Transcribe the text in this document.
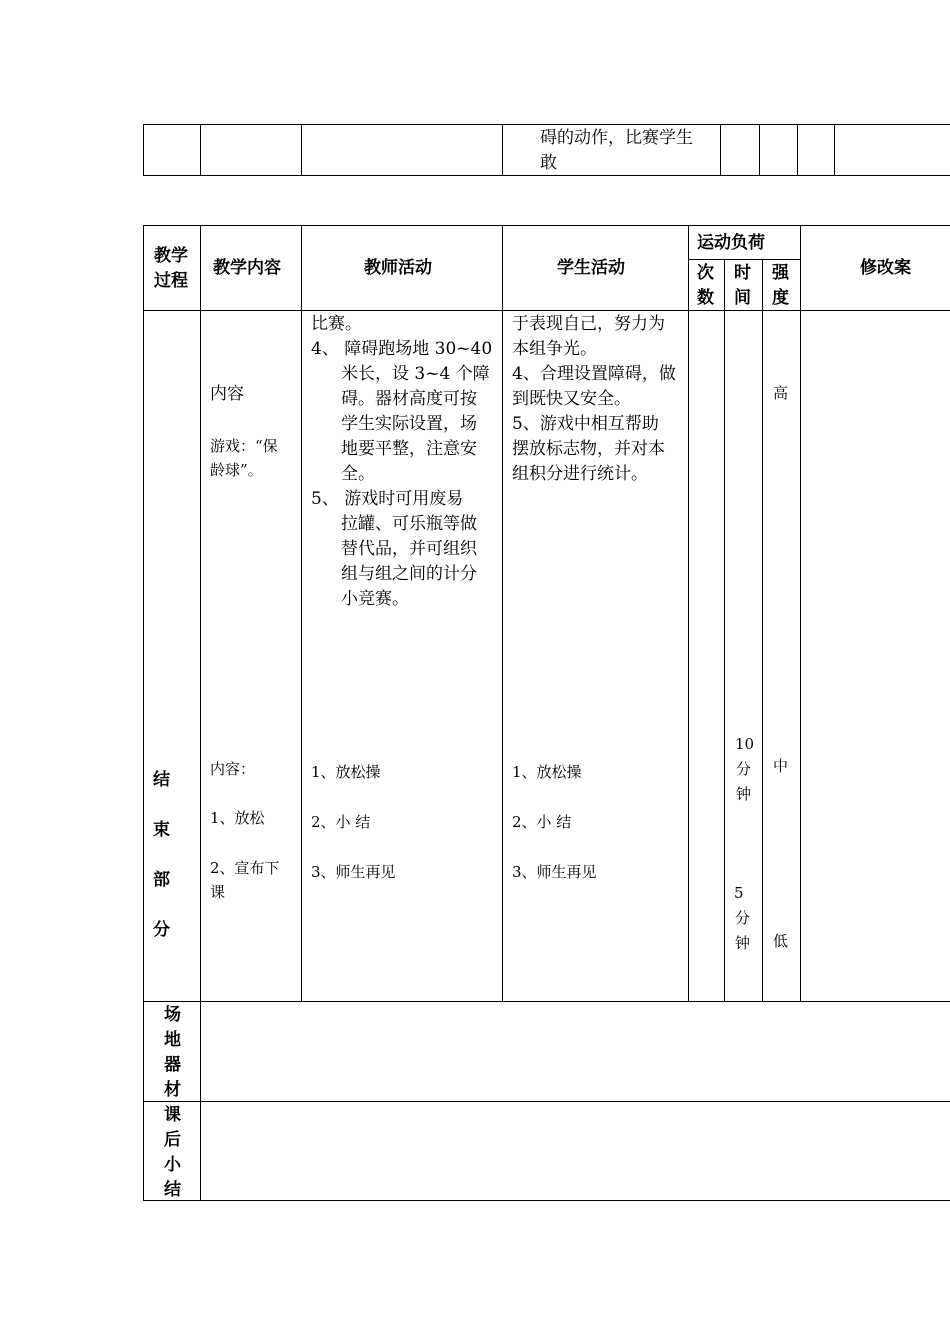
碍的动作，比赛学生
敢
教学
过程
教学内容	教师活动	学生活动
运动负荷
次
数
时
间
强
度
修改案
内容
游戏：“保
龄球”。
比赛。
4、 障碍跑场地 30~40
米长，设 3~4 个障
碍。器材高度可按
学生实际设置，场
地要平整，注意安
全。
5、 游戏时可用废易
拉罐、可乐瓶等做
替代品，并可组织
组与组之间的计分
小竞赛。
于表现自己，努力为
本组争光。
4、合理设置障碍，做
到既快又安全。
5、游戏中相互帮助
摆放标志物，并对本
组积分进行统计。
高
结
束
部
分
内容：
1、放松
2、宣布下
课
1、放松操
2、小 结
3、师生再见
1、放松操
2、小 结
3、师生再见
10
分
钟
5
分
钟
中
低
场
地
器
材
课
后
小
结
